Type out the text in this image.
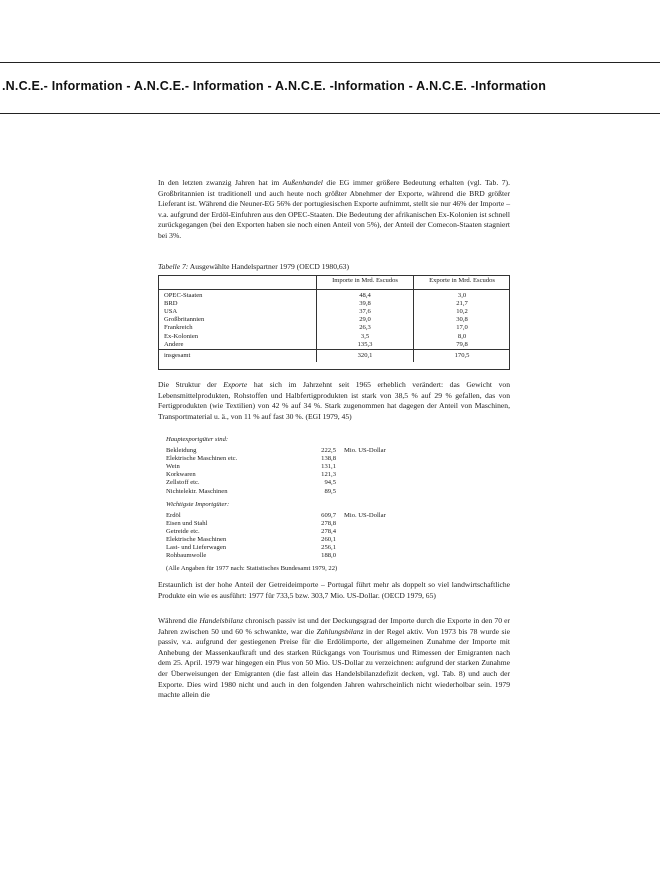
.N.C.E.- Information - A.N.C.E.- Information - A.N.C.E. -Information - A.N.C.E. -Information

In den letzten zwanzig Jahren hat im Außenhandel die EG immer größere Bedeutung erhalten (vgl. Tab. 7). Großbritannien ist traditionell und auch heute noch größter Abnehmer der Exporte, während die BRD größter Lieferant ist. Während die Neuner-EG 56% der portugiesischen Exporte aufnimmt, stellt sie nur 46% der Importe – v.a. aufgrund der Erdöl-Einfuhren aus den OPEC-Staaten. Die Bedeutung der afrikanischen Ex-Kolonien ist schnell zurückgegangen (bei den Exporten haben sie noch einen Anteil von 5%), der Anteil der Comecon-Staaten stagniert bei 3%.

Tabelle 7: Ausgewählte Handelspartner 1979 (OECD 1980,63)
	Importe in Mrd. Escudos	Exporte in Mrd. Escudos
OPEC-Staaten	48,4	3,0
BRD	39,8	21,7
USA	37,6	10,2
Großbritannien	29,0	30,8
Frankreich	26,3	17,0
Ex-Kolonien	3,5	8,0
Andere	135,3	79,8
insgesamt	320,1	170,5

Die Struktur der Exporte hat sich im Jahrzehnt seit 1965 erheblich verändert: das Gewicht von Lebensmittelprodukten, Rohstoffen und Halbfertigprodukten ist stark von 38,5 % auf 29 % gefallen, das von Fertigprodukten (wie Textilien) von 42 % auf 34 %. Stark zugenommen hat dagegen der Anteil von Maschinen, Transportmaterial u. ä., von 11 % auf fast 30 %. (EGI 1979, 45)

Hauptexportgüter sind:

Bekleidung	222,5 Mio. US-Dollar
Elektrische Maschinen etc.	138,8
Wein	131,1
Korkwaren	121,3
Zellstoff etc.	94,5
Nichtelektr. Maschinen	89,5

Wichtigste Importgüter:

Erdöl	609,7 Mio. US-Dollar
Eisen und Stahl	278,8
Getreide etc.	278,4
Elektrische Maschinen	260,1
Last- und Lieferwagen	256,1
Rohbaumwolle	188,0
(Alle Angaben für 1977 nach: Statistisches Bundesamt 1979, 22)

Erstaunlich ist der hohe Anteil der Getreideimporte – Portugal führt mehr als doppelt so viel landwirtschaftliche Produkte ein wie es ausführt: 1977 für 733,5 bzw. 303,7 Mio. US-Dollar. (OECD 1979, 65)

Während die Handelsbilanz chronisch passiv ist und der Deckungsgrad der Importe durch die Exporte in den 70 er Jahren zwischen 50 und 60 % schwankte, war die Zahlungsbilanz in der Regel aktiv. Von 1973 bis 78 wurde sie passiv, v.a. aufgrund der gestiegenen Preise für die Erdölimporte, der allgemeinen Zunahme der Importe mit Anhebung der Massenkaufkraft und des starken Rückgangs von Tourismus und Rimessen der Emigranten nach dem 25. April. 1979 war hingegen ein Plus von 50 Mio. US-Dollar zu verzeichnen: aufgrund der starken Zunahme der Überweisungen der Emigranten (die fast allein das Handelsbilanzdefizit decken, vgl. Tab. 8) und auch der Exporte. Dies wird 1980 nicht und auch in den folgenden Jahren wahrscheinlich nicht wiederholbar sein. 1979 machte allein die
